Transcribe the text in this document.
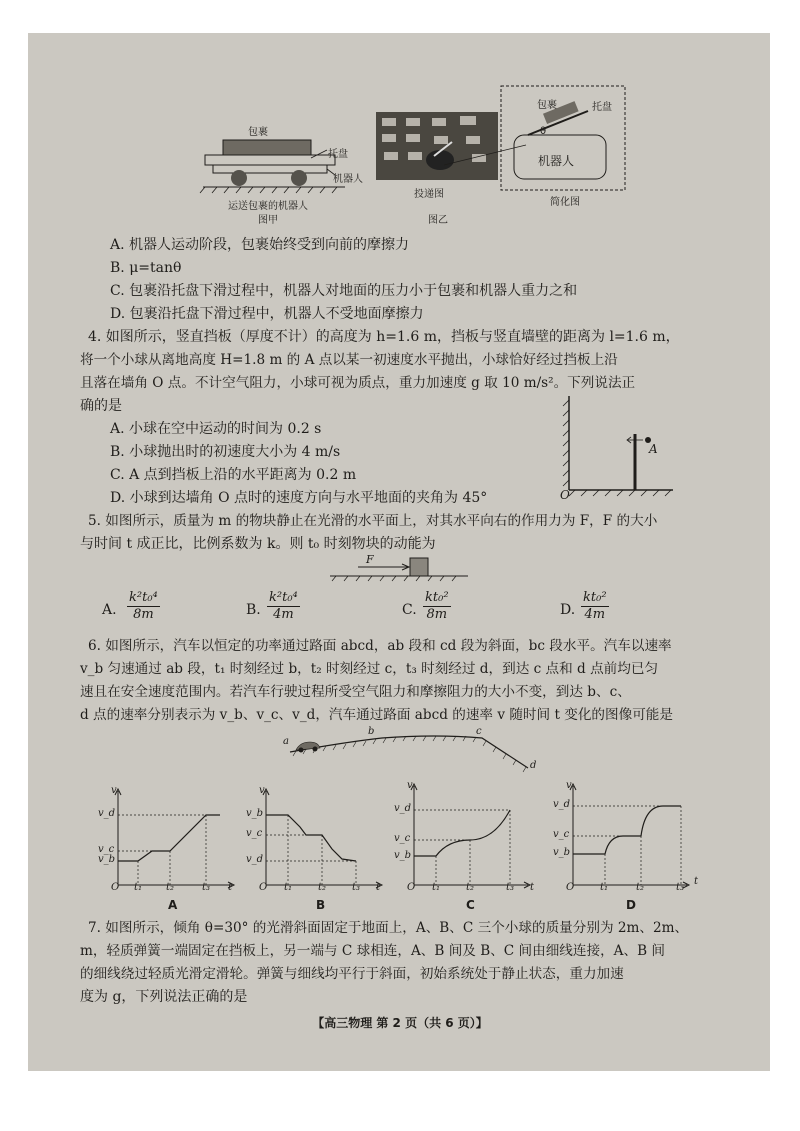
包裹
托盘
机器人
运送包裹的机器人
图甲
投递图
图乙
包裹	托盘
θ
机器人
简化图
A. 机器人运动阶段，包裹始终受到向前的摩擦力
B. μ=tanθ
C. 包裹沿托盘下滑过程中，机器人对地面的压力小于包裹和机器人重力之和
D. 包裹沿托盘下滑过程中，机器人不受地面摩擦力
4. 如图所示，竖直挡板（厚度不计）的高度为 h=1.6 m，挡板与竖直墙壁的距离为 l=1.6 m，
将一个小球从离地高度 H=1.8 m 的 A 点以某一初速度水平抛出，小球恰好经过挡板上沿
且落在墙角 O 点。不计空气阻力，小球可视为质点，重力加速度 g 取 10 m/s²。下列说法正
确的是
A. 小球在空中运动的时间为 0.2 s
B. 小球抛出时的初速度大小为 4 m/s
C. A 点到挡板上沿的水平距离为 0.2 m
D. 小球到达墙角 O 点时的速度方向与水平地面的夹角为 45°
A
O
5. 如图所示，质量为 m 的物块静止在光滑的水平面上，对其水平向右的作用力为 F，F 的大小
与时间 t 成正比，比例系数为 k。则 t₀ 时刻物块的动能为
F
A. $\frac{\text{k²t₀⁴}}{8m}$	B. $\frac{\text{k²t₀⁴}}{4m}$	C. $\frac{\text{kt₀²}}{8m}$	D. $\frac{\text{kt₀²}}{4m}$
6. 如图所示，汽车以恒定的功率通过路面 abcd，ab 段和 cd 段为斜面，bc 段水平。汽车以速率
v_b 匀速通过 ab 段，t₁ 时刻经过 b，t₂ 时刻经过 c，t₃ 时刻经过 d，到达 c 点和 d 点前均已匀
速且在安全速度范围内。若汽车行驶过程所受空气阻力和摩擦阻力的大小不变，到达 b、c、
d 点的速率分别表示为 v_b、v_c、v_d，汽车通过路面 abcd 的速率 v 随时间 t 变化的图像可能是
a
b	c
d
v
v_d
v_c
v_b
O t₁ t₂	t₃ t
A
v
v_b
v_c
v_d
O t₁	t₂	t₃ t
B
v
v_d
v_c
v_b
O t₁	t₂	t₃ t
C
v
v_d
v_c
v_b
O	t₁	t₂	t₃
t
D
7. 如图所示，倾角 θ=30° 的光滑斜面固定于地面上，A、B、C 三个小球的质量分别为 2m、2m、
m，轻质弹簧一端固定在挡板上，另一端与 C 球相连，A、B 间及 B、C 间由细线连接，A、B 间
的细线绕过轻质光滑定滑轮。弹簧与细线均平行于斜面，初始系统处于静止状态，重力加速
度为 g，下列说法正确的是
【高三物理 第 2 页（共 6 页）】
